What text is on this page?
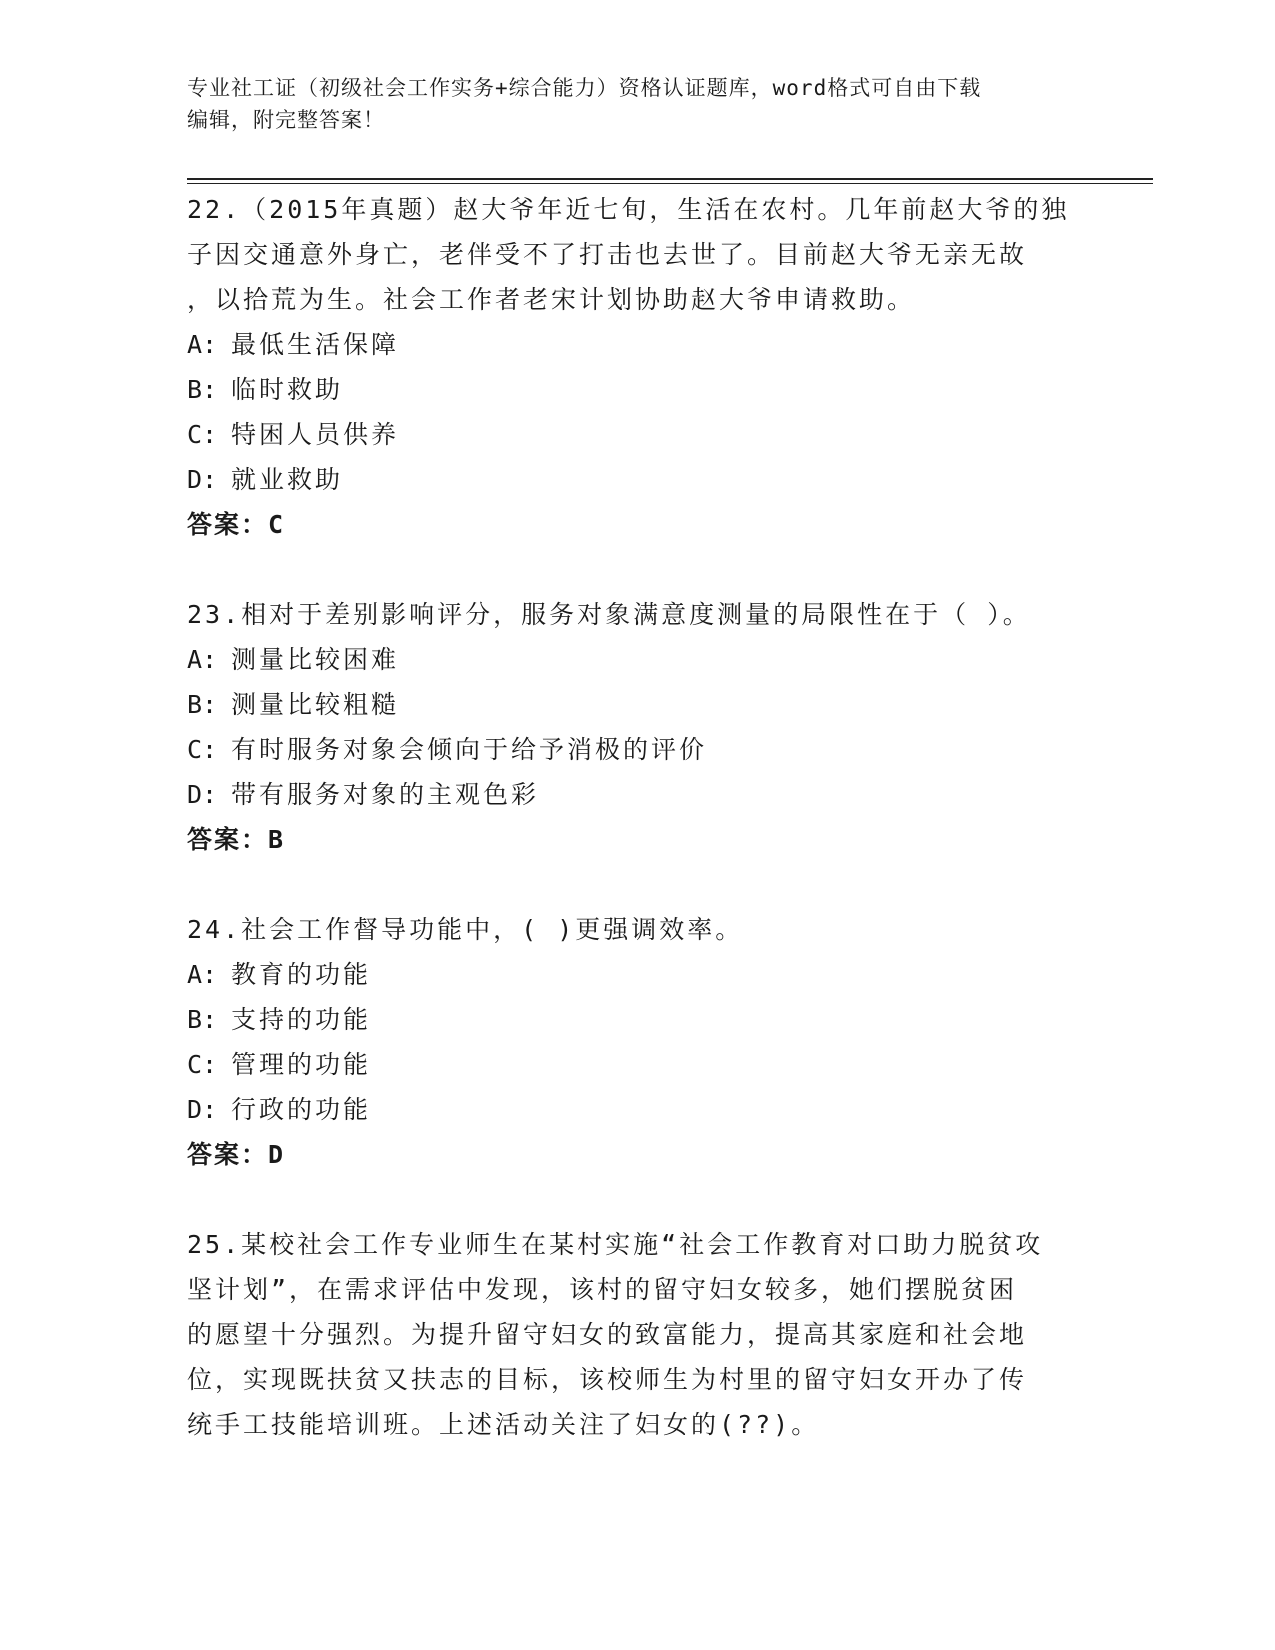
专业社工证（初级社会工作实务+综合能力）资格认证题库，word格式可自由下载
编辑，附完整答案！

22.（2015年真题）赵大爷年近七旬，生活在农村。几年前赵大爷的独

子因交通意外身亡，老伴受不了打击也去世了。目前赵大爷无亲无故

，以拾荒为生。社会工作者老宋计划协助赵大爷申请救助。

A: 最低生活保障

B: 临时救助

C: 特困人员供养

D: 就业救助

答案：C

23.相对于差别影响评分，服务对象满意度测量的局限性在于（ ）。

A: 测量比较困难

B: 测量比较粗糙

C: 有时服务对象会倾向于给予消极的评价

D: 带有服务对象的主观色彩

答案：B

24.社会工作督导功能中，( )更强调效率。

A: 教育的功能

B: 支持的功能

C: 管理的功能

D: 行政的功能

答案：D

25.某校社会工作专业师生在某村实施“社会工作教育对口助力脱贫攻

坚计划”，在需求评估中发现，该村的留守妇女较多，她们摆脱贫困

的愿望十分强烈。为提升留守妇女的致富能力，提高其家庭和社会地

位，实现既扶贫又扶志的目标，该校师生为村里的留守妇女开办了传

统手工技能培训班。上述活动关注了妇女的(??)。
